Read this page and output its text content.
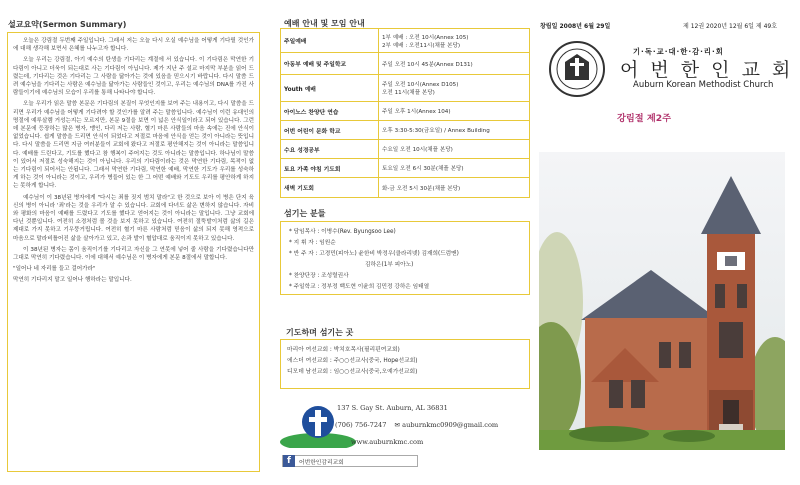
설교요약(Sermon Summary)

오늘은 강림절 두번째 주일입니다. 그래서 저는 오늘 다시 오실 예수님을 어떻게 기다릴 것인가에 대해 생각해 보면서 은혜를 나누고자 합니다.

오늘 우리는 강림절, 아기 예수의 탄생을 기다리는 계절에 서 있습니다. 이 기다림은 막연한 기다림이 아니고 더욱이 되는대로 사는 기다림이 아닙니다. 제가 지난 주 설교 마지막 부분을 읽어 드렸는데, 기다리는 것은 기다리는 그 사람을 닮아가는 것에 있음을 믿으시기 바랍니다. 다시 말씀 드려 예수님을 기다리는 사람은 예수님을 닮아가는 사람들인 것이고, 우리는 예수님의 DNA를 가진 사람들이기에 예수님의 모습이 우리를 통해 나타나야 합니다.

오늘 우리가 읽은 말씀 본문은 기다림의 본질이 무엇인지를 보여 주는 내용이고, 다시 말씀을 드리면 우리가 예수님을 어떻게 기다려야 할 것인가를 알려 주는 말씀입니다. 예수님이 이런 유대인의 명절에 예루살렘 거성는지는 모르지만, 본문 9절을 보면 이 넓은 안식일이라고 되어 있습니다. 그런데 본문에 등장하는 많은 병자, 맹인, 다리 저는 사람, 혈기 마른 사람들의 마음 속에는 진에 안식이 없었습니다. 쉽게 말씀을 드리면 안식이 되었다고 저절로 마음에 안식을 얻는 것이 아니라는 뜻입니다. 다시 말씀을 드리면 지금 여러분들이 교회에 왔다고 저절로 평안해지는 것이 아니라는 말씀입니다. 예배를 드린다고, 기도를 했다고 참 행복이 주어지는 것도 아니라는 말씀입니다. 하나님이 말씀이 있어서 저절로 성숙해지는 것이 아닙니다. 우리의 기다림이라는 것은 막연한 기다림, 목적이 없는 기다림이 되어서는 안됩니다. 그래서 막연한 기다림, 막연한 예배, 막연한 기도가 우리를 성숙하게 하는 것이 아니라는 것이고, 우리가 병들어 있는 한 그 어떤 예배와 기도도 우리를 평안하게 하지는 못하게 합니다.

예수님이 이 38년된 병자에게 "다시는 죄를 짓지 범치 말라"고 한 것으로 보아 이 병은 단지 육신의 병이 아니라 '죄'라는 것을 우리가 알 수 있습니다. 교회에 다녀도 삶은 변하지 않습니다. 자비와 평화의 마음이 예배를 드렸다고 기도를 했다고 얻어지는 것이 아니라는 말입니다. 그냥 교회에 다닌 것뿐입니다. 여전히 소경처럼 볼 것을 보지 못하고 있습니다. 여전히 절뚝발이처럼 삶의 길은 제대로 가지 못하고 기우뚱거립니다. 여전히 혈기 마른 사람처럼 믿음이 삶의 되지 못해 영적으로 마음으로 말라비틀어진 삶을 살아가고 있고, 손과 발이 혈압대로 움직이지 못하고 있습니다.

이 38년된 병자는 몸이 움직이기를 기다리고 자신을 그 연못에 넣어 줄 사람을 기다렸습니다만 그대로 막연히 기다렸습니다. 이에 대해서 예수님은 이 병자에게 본문 8절에서 말합니다.

"일어나 네 자리를 들고 걸어가라"

막연히 기다리지 말고 일어나 행하라는 말입니다.

예배 안내 및 모임 안내
주일예배	1부 예배 : 오전 10시(Annex 105)
2부 예배 : 오전11시(채플 본당)

아동부 예배 및 주일학교	주일 오전 10시 45분(Annex D131)
Youth 예배	주일 오전 10시(Annex D105)
오전 11시(채플 본당)

아이노스 찬양단 연습	주일 오후 1시(Annex 104)
어번 어린이 문화 학교	오후 3:30-5:30(금요일) / Annex Building
수요 성경공부	수요일 오전 10시(채플 본당)
토요 가족 야침 기도회	토요일 오전 6시 30분(채플 본당)
새벽 기도회	화-금 오전 5시 30분(채플 본당)
섬기는 분들
* 담임목사 : 이병수(Rev. Byungsoo Lee)
* 지 휘 자 : 임원순
* 반 주 자 : 고경민(피아노) 윤한비 박정우(클라리넷) 김재희(드럼맨)
김하은(1부 피아노)
* 찬양단장 : 조성렬권사
* 주일학교 : 정부정 백도현 이윤희 김민정 강하은 임태열
기도하며 섬기는 곳
마리아 여선교회 : 박치호목사(필리핀여교회)
에스더 여선교회 : 주○○선교사(중국, Hope선교회)
디모데 남선교회 : 임○○선교사(중국,오예가선교회)
137 S. Gay St. Auburn, AL 36831
(706) 756-7247 ✉ auburnkmc0909@gmail.com
www.auburnkmc.com
f	어번한인감리교회
창립일 2008년 6월 29일	제 12권 2020년 12월 6일 제 49호
기·독·교·대·한·감·리·회
어 번 한 인 교 회
Auburn Korean Methodist Church
강림절 제2주
